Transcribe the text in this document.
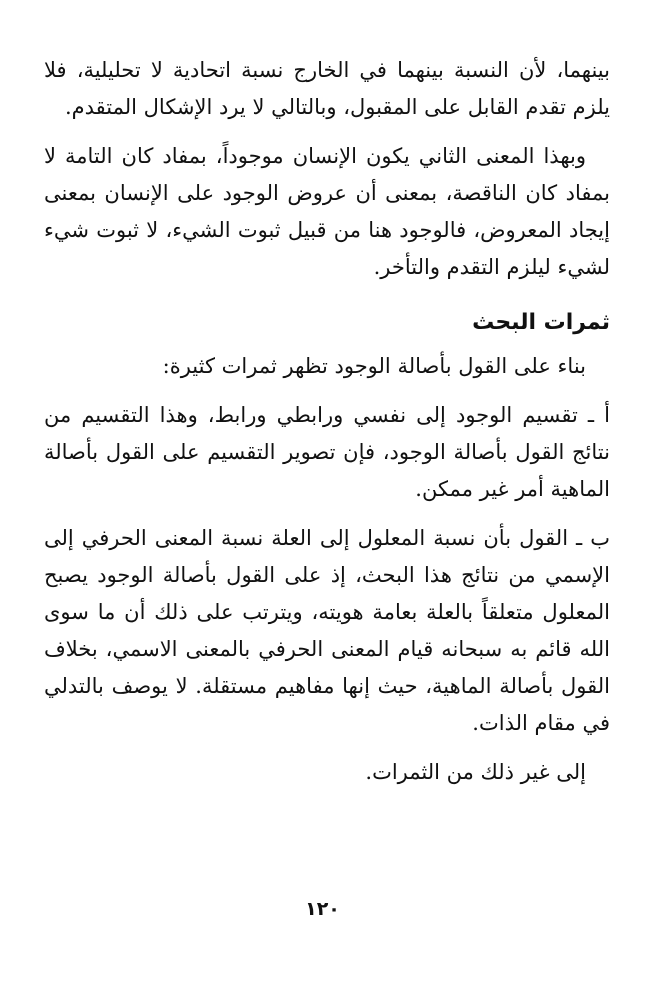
بينهما، لأن النسبة بينهما في الخارج نسبة اتحادية لا تحليلية، فلا يلزم تقدم القابل على المقبول، وبالتالي لا يرد الإشكال المتقدم.

وبهذا المعنى الثاني يكون الإنسان موجوداً، بمفاد كان التامة لا بمفاد كان الناقصة، بمعنى أن عروض الوجود على الإنسان بمعنى إيجاد المعروض، فالوجود هنا من قبيل ثبوت الشيء، لا ثبوت شيء لشيء ليلزم التقدم والتأخر.

ثمرات البحث

بناء على القول بأصالة الوجود تظهر ثمرات كثيرة:

أ ـ تقسيم الوجود إلى نفسي ورابطي ورابط، وهذا التقسيم من نتائج القول بأصالة الوجود، فإن تصوير التقسيم على القول بأصالة الماهية أمر غير ممكن.

ب ـ القول بأن نسبة المعلول إلى العلة نسبة المعنى الحرفي إلى الإسمي من نتائج هذا البحث، إذ على القول بأصالة الوجود يصبح المعلول متعلقاً بالعلة بعامة هويته، ويترتب على ذلك أن ما سوى الله قائم به سبحانه قيام المعنى الحرفي بالمعنى الاسمي، بخلاف القول بأصالة الماهية، حيث إنها مفاهيم مستقلة. لا يوصف بالتدلي في مقام الذات.

إلى غير ذلك من الثمرات.

١٢٠
